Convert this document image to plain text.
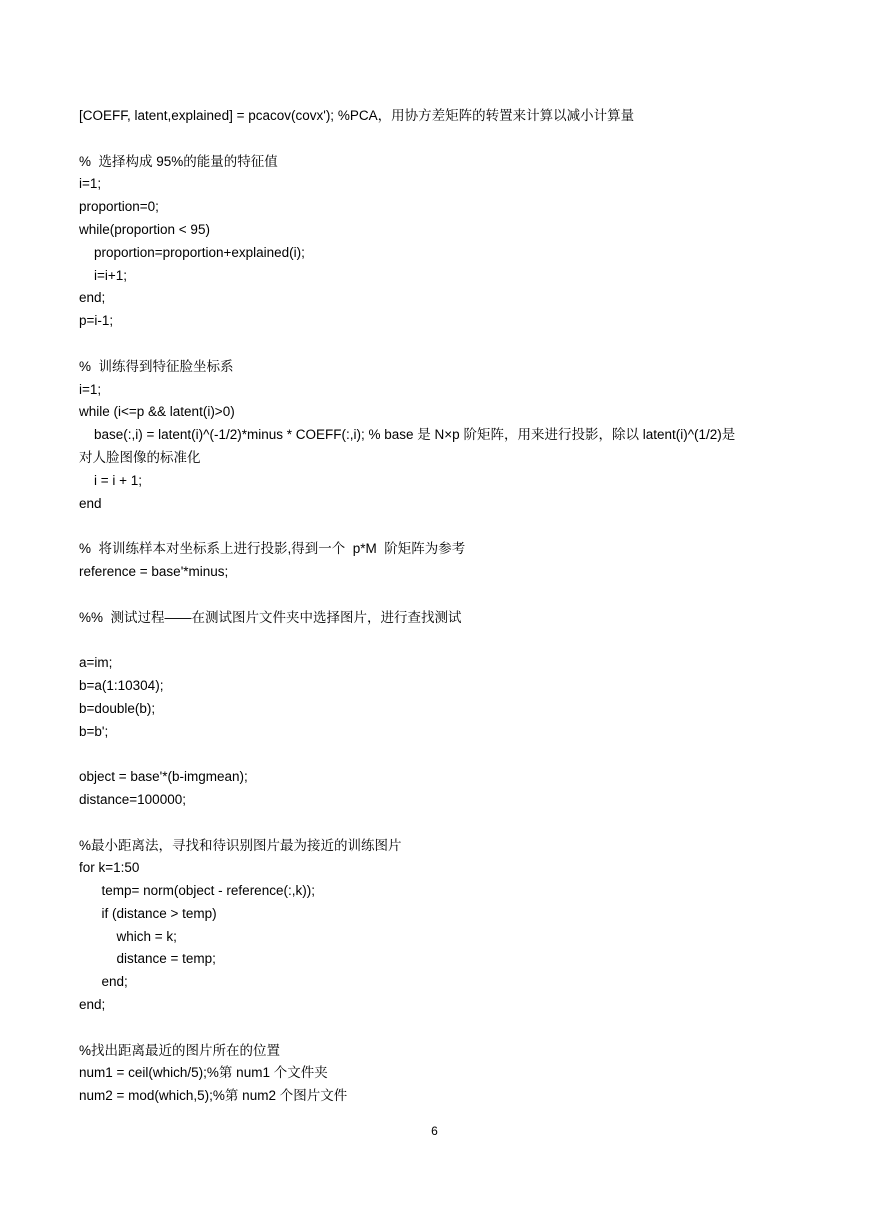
[COEFF, latent,explained] = pcacov(covx'); %PCA，用协方差矩阵的转置来计算以减小计算量
%  选择构成 95%的能量的特征值
i=1;
proportion=0;
while(proportion < 95)
proportion=proportion+explained(i);
i=i+1;
end;
p=i-1;
%  训练得到特征脸坐标系
i=1;
while (i<=p && latent(i)>0)
base(:,i) = latent(i)^(-1/2)*minus * COEFF(:,i); % base 是 N×p 阶矩阵，用来进行投影，除以 latent(i)^(1/2)是
对人脸图像的标准化
i = i + 1;
end
%  将训练样本对坐标系上进行投影,得到一个  p*M  阶矩阵为参考
reference = base'*minus;
%%  测试过程——在测试图片文件夹中选择图片，进行查找测试
a=im;
b=a(1:10304);
b=double(b);
b=b';
object = base'*(b-imgmean);
distance=100000;
%最小距离法，寻找和待识别图片最为接近的训练图片
for k=1:50
temp= norm(object - reference(:,k));
if (distance > temp)
which = k;
distance = temp;
end;
end;
%找出距离最近的图片所在的位置
num1 = ceil(which/5);%第 num1 个文件夹
num2 = mod(which,5);%第 num2 个图片文件
6
